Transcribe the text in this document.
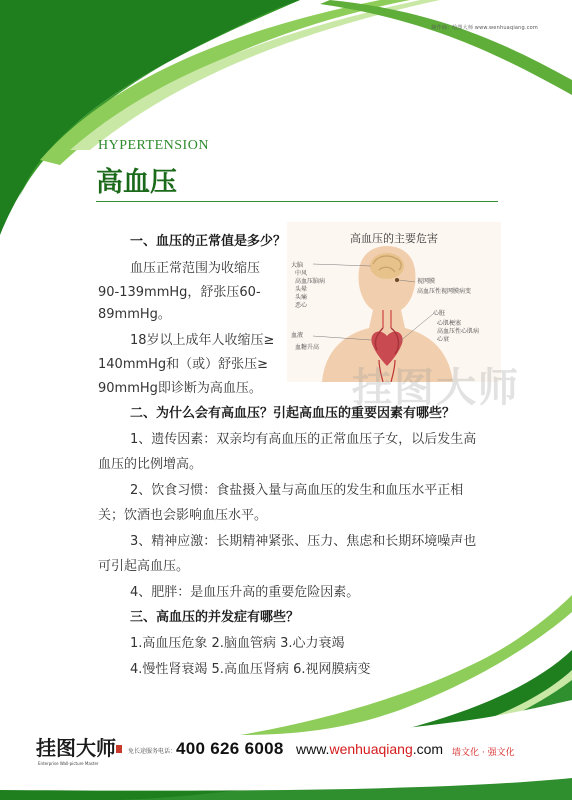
制作商：绘图大师 www.wenhuaqiang.com
HYPERTENSION
高血压
一、血压的正常值是多少？
血压正常范围为收缩压
90-139mmHg，舒张压60-
89mmHg。
18岁以上成年人收缩压≥
140mmHg和（或）舒张压≥
90mmHg即诊断为高血压。
高血压的主要危害
大脑
中风
高血压脑病
头晕
头痛
恶心
视网膜
高血压性视网膜病变
心脏
心肌梗塞
高血压性心肌病
心衰
血液
血糖升高
挂图大师
二、为什么会有高血压？引起高血压的重要因素有哪些？
1、遗传因素：双亲均有高血压的正常血压子女，以后发生高
血压的比例增高。
2、饮食习惯：食盐摄入量与高血压的发生和血压水平正相
关；饮酒也会影响血压水平。
3、精神应激：长期精神紧张、压力、焦虑和长期环境噪声也
可引起高血压。
4、肥胖：是血压升高的重要危险因素。
三、高血压的并发症有哪些？
1.高血压危象 2.脑血管病 3.心力衰竭
4.慢性肾衰竭 5.高血压肾病 6.视网膜病变
挂图大师
Enterprise Wall-picture Master
免长途服务电话： 400 626 6008 www.wenhuaqiang.com 墙文化 · 强文化
